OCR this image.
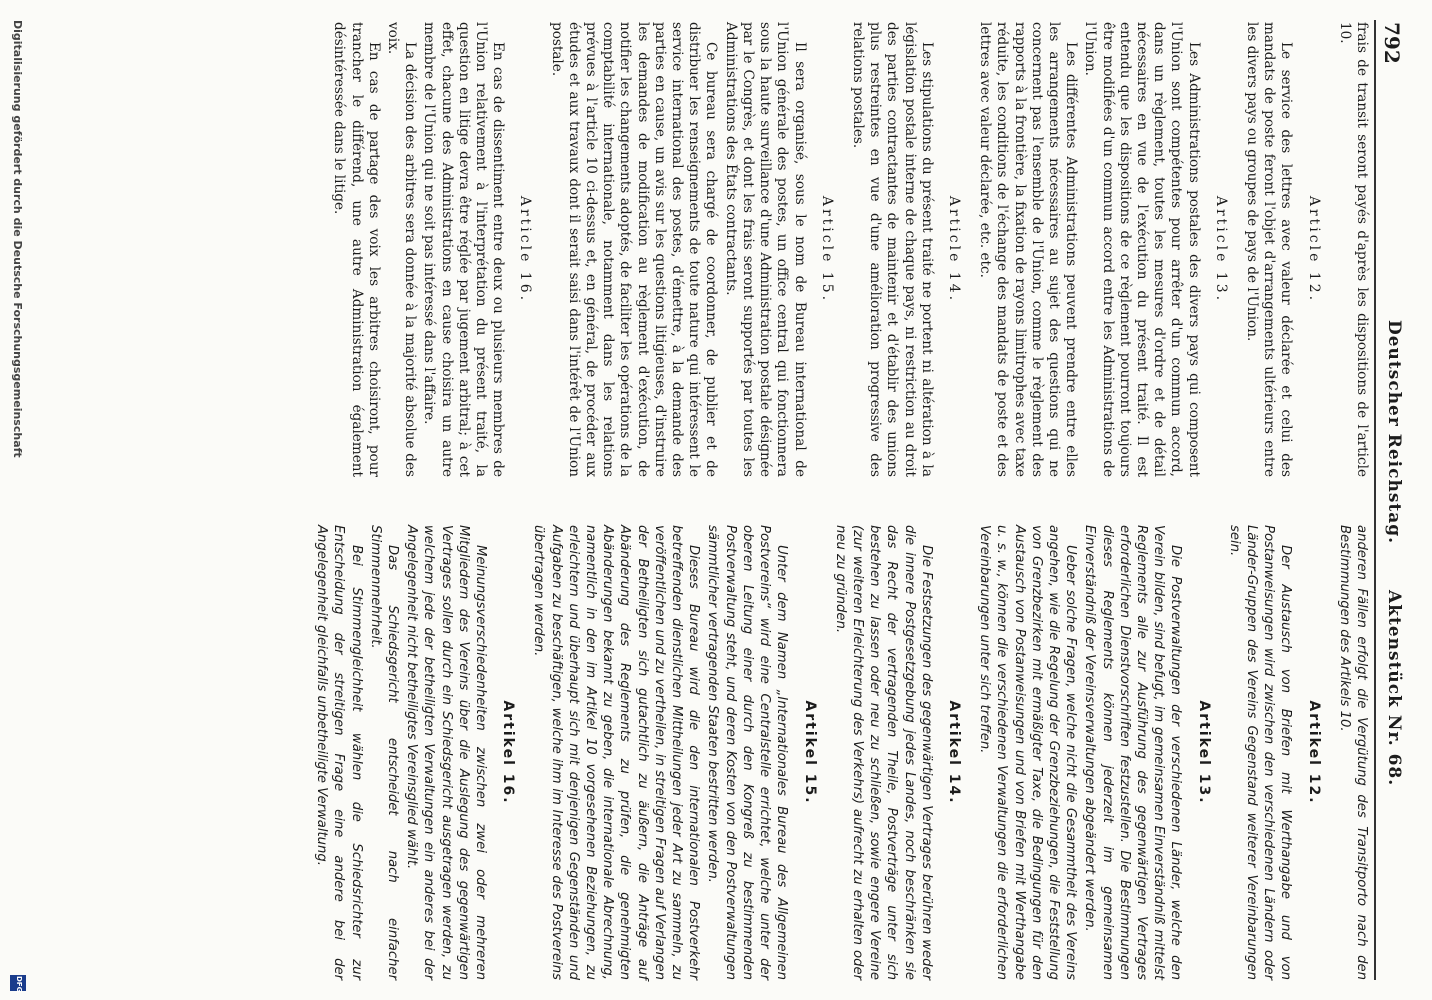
792
Deutscher Reichstag.
Aktenstück Nr. 68.

frais de transit seront payés d'après les dispositions de l'article 10.

Article 12.

Le service des lettres avec valeur déclarée et celui des mandats de poste feront l'objet d'arrangements ultérieurs entre les divers pays ou groupes de pays de l'Union.

Article 13.

Les Administrations postales des divers pays qui composent l'Union sont compétentes pour arrêter d'un commun accord, dans un règlement, toutes les mesures d'ordre et de détail nécessaires en vue de l'exécution du présent traité. Il est entendu que les dispositions de ce règlement pourront toujours être modifiées d'un commun accord entre les Administrations de l'Union.

Les différentes Administrations peuvent prendre entre elles les arrangements nécessaires au sujet des questions qui ne concernent pas l'ensemble de l'Union, comme le règlement des rapports à la frontière, la fixation de rayons limitrophes avec taxe réduite, les conditions de l'échange des mandats de poste et des lettres avec valeur déclarée, etc. etc.

Article 14.

Les stipulations du présent traité ne portent ni altération à la législation postale interne de chaque pays, ni restriction au droit des parties contractantes de maintenir et d'établir des unions plus restreintes en vue d'une amélioration progressive des relations postales.

Article 15.

Il sera organisé, sous le nom de Bureau international de l'Union générale des postes, un office central qui fonctionnera sous la haute surveillance d'une Administration postale désignée par le Congrès, et dont les frais seront supportés par toutes les Administrations des États contractants.

Ce bureau sera chargé de coordonner, de publier et de distribuer les renseignements de toute nature qui intéressent le service international des postes, d'émettre, à la demande des parties en cause, un avis sur les questions litigieuses, d'instruire les demandes de modification au règlement d'exécution, de notifier les changements adoptés, de faciliter les opérations de la comptabilité internationale, notamment dans les relations prévues à l'article 10 ci-dessus et, en général, de procéder aux études et aux travaux dont il serait saisi dans l'intérêt de l'Union postale.

Article 16.

En cas de dissentiment entre deux ou plusieurs membres de l'Union relativement à l'interprétation du présent traité, la question en litige devra être réglée par jugement arbitral; à cet effet, chacune des Administrations en cause choisira un autre membre de l'Union qui ne soit pas intéressé dans l'affaire.

La décision des arbitres sera donnée à la majorité absolue des voix.

En cas de partage des voix les arbitres choisiront, pour trancher le différend, une autre Administration également désintéressée dans le litige.

anderen Fällen erfolgt die Vergütung des Transitporto nach den Bestimmungen des Artikels 10.

Artikel 12.

Der Austausch von Briefen mit Werthangabe und von Postanweisungen wird zwischen den verschiedenen Ländern oder Länder-Gruppen des Vereins Gegenstand weiterer Vereinbarungen sein.

Artikel 13.

Die Postverwaltungen der verschiedenen Länder, welche den Verein bilden, sind befugt, im gemeinsamen Einverständniß mittelst Reglements alle zur Ausführung des gegenwärtigen Vertrages erforderlichen Dienstvorschriften festzustellen. Die Bestimmungen dieses Reglements können jederzeit im gemeinsamen Einverständniß der Vereinsverwaltungen abgeändert werden.

Ueber solche Fragen, welche nicht die Gesammtheit des Vereins angehen, wie die Regelung der Grenzbeziehungen, die Feststellung von Grenzbezirken mit ermäßigter Taxe, die Bedingungen für den Austausch von Postanweisungen und von Briefen mit Werthangabe u. s. w., können die verschiedenen Verwaltungen die erforderlichen Vereinbarungen unter sich treffen.

Artikel 14.

Die Festsetzungen des gegenwärtigen Vertrages berühren weder die innere Postgesetzgebung jedes Landes, noch beschränken sie das Recht der vertragenden Theile, Postverträge unter sich bestehen zu lassen oder neu zu schließen, sowie engere Vereine (zur weiteren Erleichterung des Verkehrs) aufrecht zu erhalten oder neu zu gründen.

Artikel 15.

Unter dem Namen „Internationales Bureau des Allgemeinen Postvereins“ wird eine Centralstelle errichtet, welche unter der oberen Leitung einer durch den Kongreß zu bestimmenden Postverwaltung steht, und deren Kosten von den Postverwaltungen sämmtlicher vertragenden Staaten bestritten werden.

Dieses Bureau wird die den internationalen Postverkehr betreffenden dienstlichen Mittheilungen jeder Art zu sammeln, zu veröffentlichen und zu vertheilen, in streitigen Fragen auf Verlangen der Betheiligten sich gutachtlich zu äußern, die Anträge auf Abänderung des Reglements zu prüfen, die genehmigten Abänderungen bekannt zu geben, die internationale Abrechnung, namentlich in den im Artikel 10 vorgesehenen Beziehungen, zu erleichtern und überhaupt sich mit denjenigen Gegenständen und Aufgaben zu beschäftigen, welche ihm im Interesse des Postvereins übertragen werden.

Artikel 16.

Meinungsverschiedenheiten zwischen zwei oder mehreren Mitgliedern des Vereins über die Auslegung des gegenwärtigen Vertrages sollen durch ein Schiedsgericht ausgetragen werden, zu welchem jede der betheiligten Verwaltungen ein anderes bei der Angelegenheit nicht betheiligtes Vereinsglied wählt.

Das Schiedsgericht entscheidet nach einfacher Stimmenmehrheit.

Bei Stimmengleichheit wählen die Schiedsrichter zur Entscheidung der streitigen Frage eine andere bei der Angelegenheit gleichfalls unbetheiligte Verwaltung.

Digitalisierung gefördert durch die Deutsche Forschungsgemeinschaft
DFG
